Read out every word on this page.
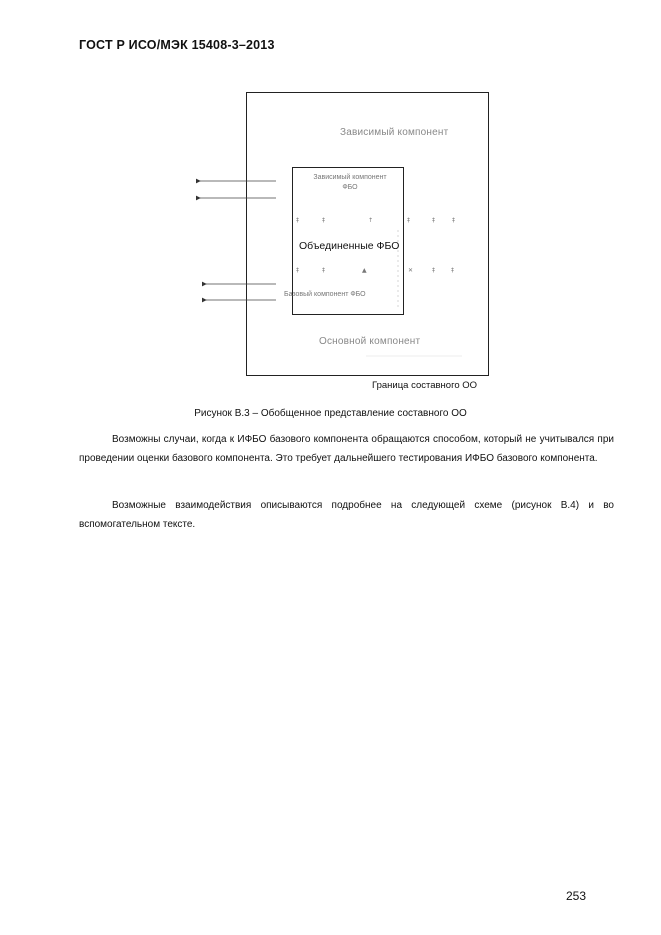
ГОСТ Р ИСО/МЭК 15408-3–2013
‡	‡	↑	‡	‡	‡
‡	‡	▲	✕	‡	‡
Зависимый компонент
Зависимый компонент ФБО
Объединенные ФБО
Базовый компонент ФБО
Основной компонент
Граница составного ОО
Рисунок В.3 – Обобщенное представление составного ОО
Возможны случаи, когда к ИФБО базового компонента обращаются способом, который не учитывался при проведении оценки базового компонента. Это требует дальнейшего тестирования ИФБО базового компонента.
Возможные взаимодействия описываются подробнее на следующей схеме (рисунок В.4) и во вспомогательном тексте.
253
